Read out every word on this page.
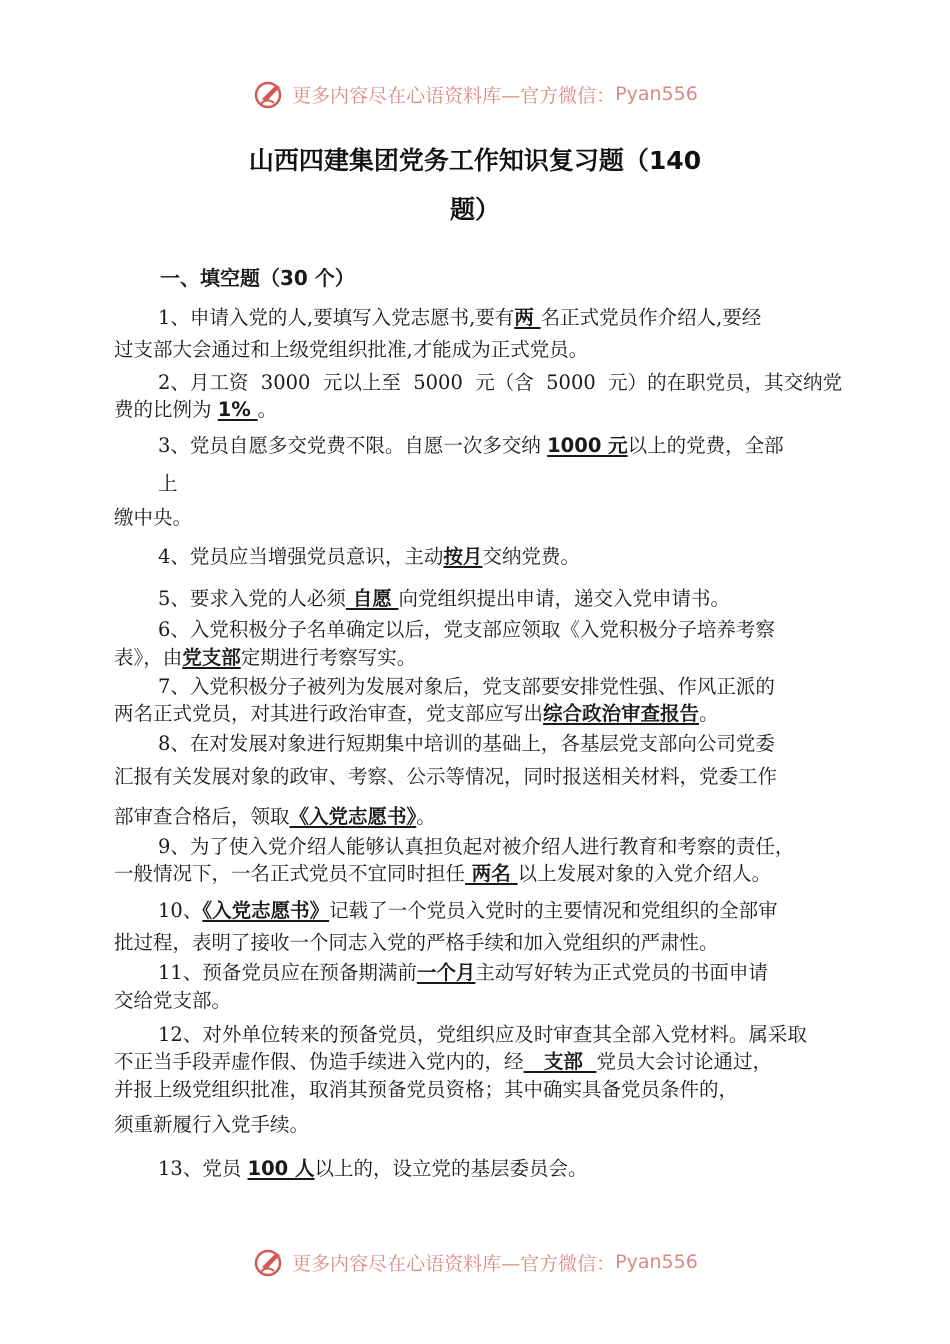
更多内容尽在心语资料库—官方微信： Pyan556
山西四建集团党务工作知识复习题（140
题）
一、填空题（30 个）
1、申请入党的人,要填写入党志愿书,要有两 名正式党员作介绍人,要经
过支部大会通过和上级党组织批准,才能成为正式党员。
2、月工资  3000  元以上至  5000  元（含  5000  元）的在职党员，其交纳党
费的比例为 1% 。
3、党员自愿多交党费不限。自愿一次多交纳 1000 元以上的党费，全部
上
缴中央。
4、党员应当增强党员意识，主动按月交纳党费。
5、要求入党的人必须 自愿 向党组织提出申请，递交入党申请书。
6、入党积极分子名单确定以后，党支部应领取《入党积极分子培养考察
表》，由党支部定期进行考察写实。
7、入党积极分子被列为发展对象后，党支部要安排党性强、作风正派的
两名正式党员，对其进行政治审查，党支部应写出综合政治审查报告。
8、在对发展对象进行短期集中培训的基础上，各基层党支部向公司党委
汇报有关发展对象的政审、考察、公示等情况，同时报送相关材料，党委工作
部审查合格后，领取《入党志愿书》。
9、为了使入党介绍人能够认真担负起对被介绍人进行教育和考察的责任，
一般情况下，一名正式党员不宜同时担任 两名 以上发展对象的入党介绍人。
10、《入党志愿书》记载了一个党员入党时的主要情况和党组织的全部审
批过程，表明了接收一个同志入党的严格手续和加入党组织的严肃性。
11、预备党员应在预备期满前一个月主动写好转为正式党员的书面申请
交给党支部。
12、对外单位转来的预备党员，党组织应及时审查其全部入党材料。属采取
不正当手段弄虚作假、伪造手续进入党内的，经   支部  党员大会讨论通过，
并报上级党组织批准，取消其预备党员资格；其中确实具备党员条件的，
须重新履行入党手续。
13、党员 100 人以上的，设立党的基层委员会。
更多内容尽在心语资料库—官方微信： Pyan556
